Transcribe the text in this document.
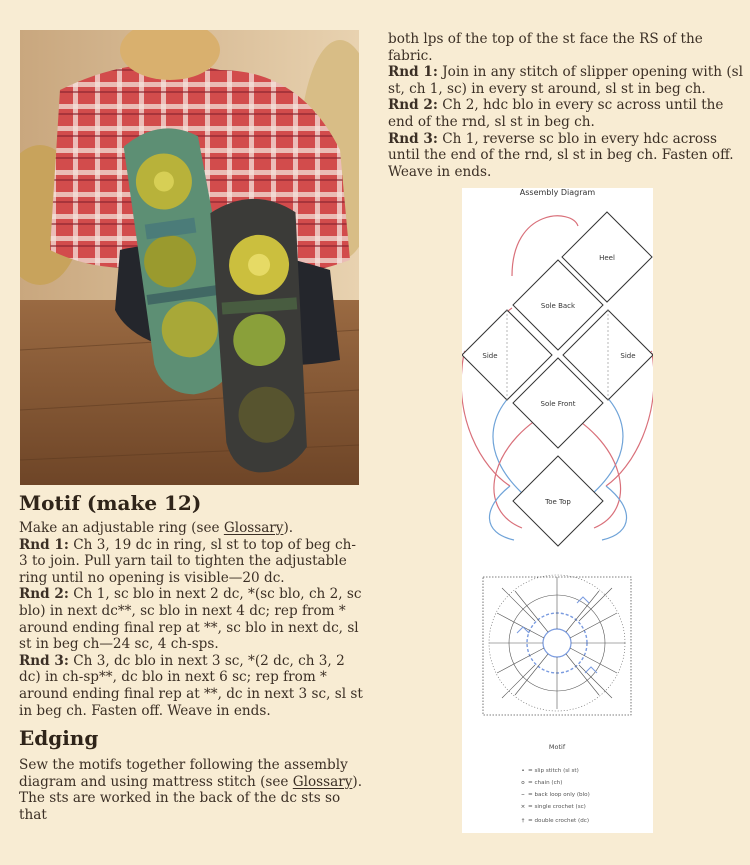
Motif (make 12)

Make an adjustable ring (see Glossary).
Rnd 1: Ch 3, 19 dc in ring, sl st to top of beg ch-3 to join. Pull yarn tail to tighten the adjustable ring until no opening is visible—20 dc.
Rnd 2: Ch 1, sc blo in next 2 dc, *(sc blo, ch 2, sc blo) in next dc**, sc blo in next 4 dc; rep from * around ending final rep at **, sc blo in next dc, sl st in beg ch—24 sc, 4 ch-sps.
Rnd 3: Ch 3, dc blo in next 3 sc, *(2 dc, ch 3, 2 dc) in ch-sp**, dc blo in next 6 sc; rep from * around ending final rep at **, dc in next 3 sc, sl st in beg ch. Fasten off. Weave in ends.

Edging

Sew the motifs together following the assembly diagram and using mattress stitch (see Glossary). The sts are worked in the back of the dc sts so that

both lps of the top of the st face the RS of the fabric.
Rnd 1: Join in any stitch of slipper opening with (sl st, ch 1, sc) in every st around, sl st in beg ch.
Rnd 2: Ch 2, hdc blo in every sc across until the end of the rnd, sl st in beg ch.
Rnd 3: Ch 1, reverse sc blo in every hdc across until the end of the rnd, sl st in beg ch. Fasten off. Weave in ends.

Assembly Diagram
Heel
Sole Back
Side	Side
Sole Front
Toe Top
Motif
• = slip stitch (sl st)
o = chain (ch)
⌢ = back loop only (blo)
× = single crochet (sc)
† = double crochet (dc)
